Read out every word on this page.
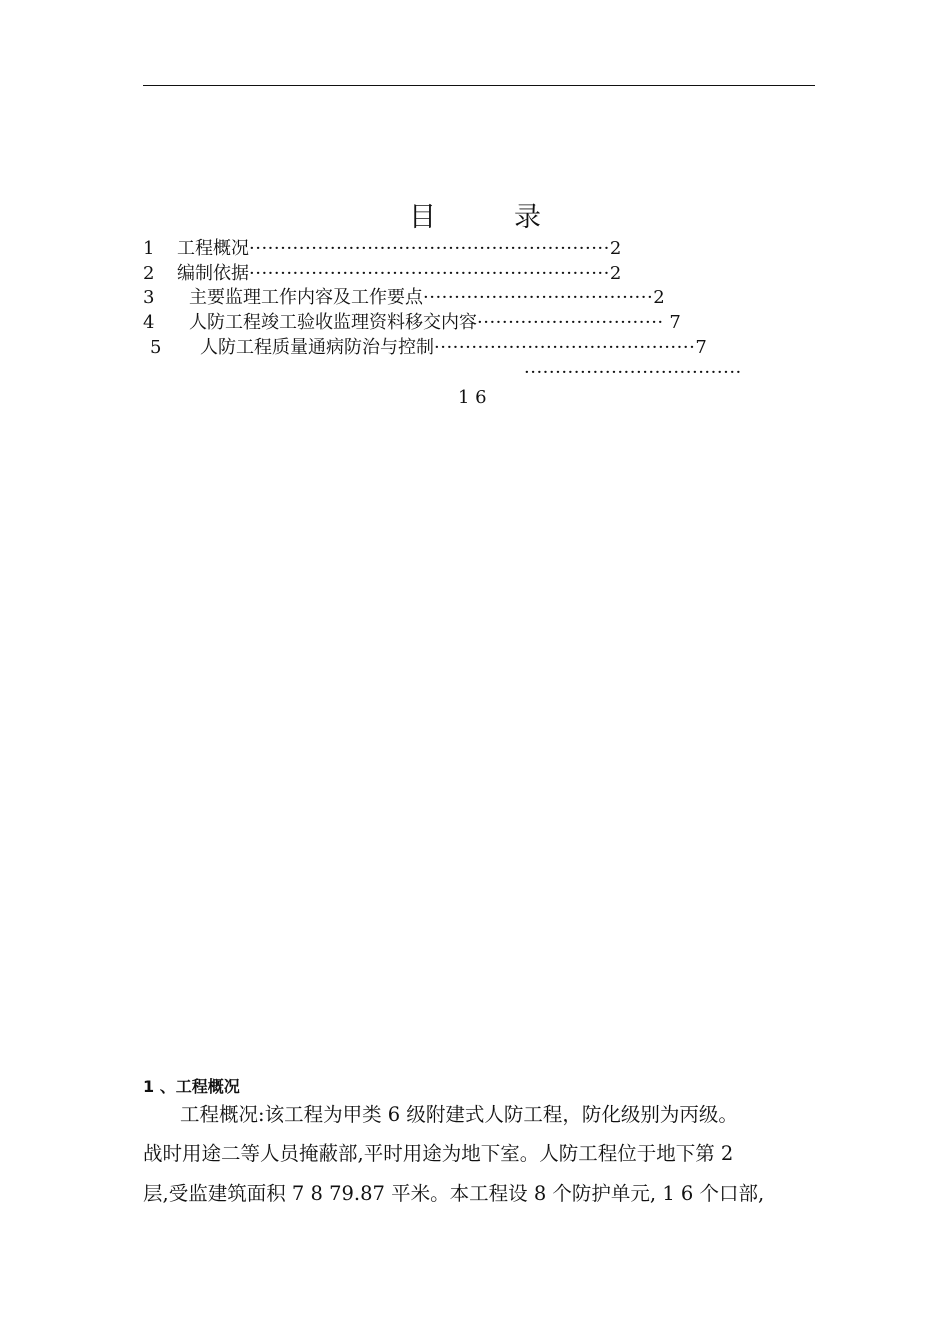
目	录
1 工程概况··························································2
2 编制依据··························································2
3 主要监理工作内容及工作要点·····································2
4 人防工程竣工验收监理资料移交内容······························ 7
5 人防工程质量通病防治与控制··········································7
···································
1 6
1 、工程概况
工程概况:该工程为甲类 6 级附建式人防工程，防化级别为丙级。
战时用途二等人员掩蔽部,平时用途为地下室。人防工程位于地下第 2
层,受监建筑面积 7 8 79.87 平米。本工程设 8 个防护单元, 1 6 个口部,
